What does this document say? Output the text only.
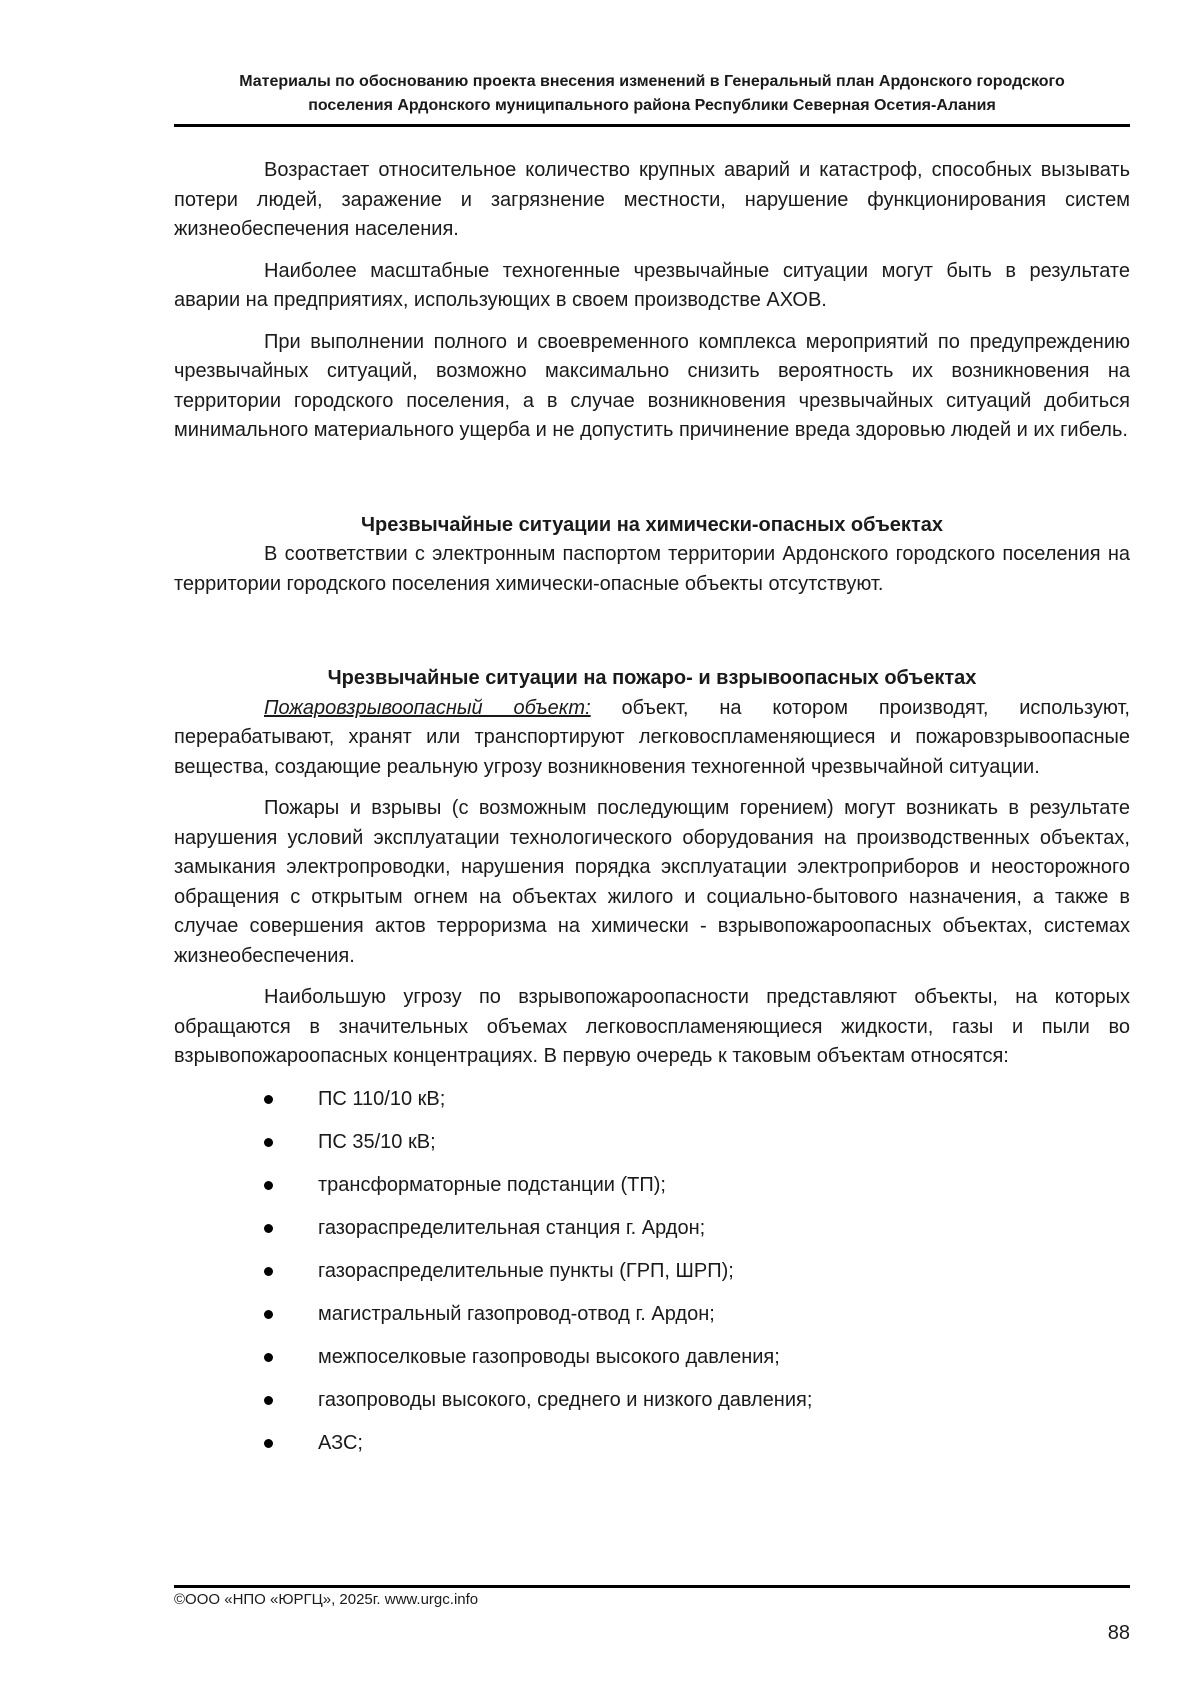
Материалы по обоснованию проекта внесения изменений в Генеральный план Ардонского городского
поселения Ардонского муниципального района Республики Северная Осетия-Алания

Возрастает относительное количество крупных аварий и катастроф, способных вызывать потери людей, заражение и загрязнение местности, нарушение функционирования систем жизнеобеспечения населения.

Наиболее масштабные техногенные чрезвычайные ситуации могут быть в результате аварии на предприятиях, использующих в своем производстве АХОВ.

При выполнении полного и своевременного комплекса мероприятий по предупреждению чрезвычайных ситуаций, возможно максимально снизить вероятность их возникновения на территории городского поселения, а в случае возникновения чрезвычайных ситуаций добиться минимального материального ущерба и не допустить причинение вреда здоровью людей и их гибель.

Чрезвычайные ситуации на химически-опасных объектах

В соответствии с электронным паспортом территории Ардонского городского поселения на территории городского поселения химически-опасные объекты отсутствуют.

Чрезвычайные ситуации на пожаро- и взрывоопасных объектах

Пожаровзрывоопасный объект: объект, на котором производят, используют, перерабатывают, хранят или транспортируют легковоспламеняющиеся и пожаровзрывоопасные вещества, создающие реальную угрозу возникновения техногенной чрезвычайной ситуации.

Пожары и взрывы (с возможным последующим горением) могут возникать в результате нарушения условий эксплуатации технологического оборудования на производственных объектах, замыкания электропроводки, нарушения порядка эксплуатации электроприборов и неосторожного обращения с открытым огнем на объектах жилого и социально-бытового назначения, а также в случае совершения актов терроризма на химически - взрывопожароопасных объектах, системах жизнеобеспечения.

Наибольшую угрозу по взрывопожароопасности представляют объекты, на которых обращаются в значительных объемах легковоспламеняющиеся жидкости, газы и пыли во взрывопожароопасных концентрациях. В первую очередь к таковым объектам относятся:

ПС 110/10 кВ;
ПС 35/10 кВ;
трансформаторные подстанции (ТП);
газораспределительная станция г. Ардон;
газораспределительные пункты (ГРП, ШРП);
магистральный газопровод-отвод г. Ардон;
межпоселковые газопроводы высокого давления;
газопроводы высокого, среднего и низкого давления;
АЗС;
©ООО «НПО «ЮРГЦ», 2025г. www.urgc.info
88
